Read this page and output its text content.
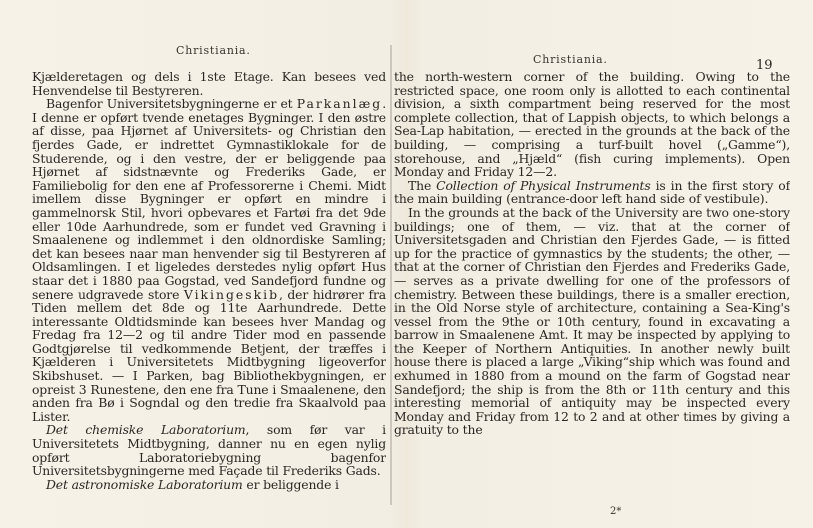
Christiania.
Christiania.	19

Kjælderetagen og dels i 1ste Etage. Kan besees ved Henvendelse til Bestyreren.

Bagenfor Universitetsbygningerne er et Parkanlæg. I denne er opført tvende enetages Bygninger. I den østre af disse, paa Hjørnet af Universitets- og Christian den fjerdes Gade, er indrettet Gymnastiklokale for de Studerende, og i den vestre, der er beliggende paa Hjørnet af sidstnævnte og Frederiks Gade, er Familiebolig for den ene af Professorerne i Chemi. Midt imellem disse Bygninger er opført en mindre i gammelnorsk Stil, hvori opbevares et Fartøi fra det 9de eller 10de Aarhundrede, som er fundet ved Gravning i Smaalenene og indlemmet i den oldnordiske Samling; det kan besees naar man henvender sig til Bestyreren af Oldsamlingen. I et ligeledes derstedes nylig opført Hus staar det i 1880 paa Gogstad, ved Sandefjord fundne og senere udgravede store Vikingeskib, der hidrører fra Tiden mellem det 8de og 11te Aarhundrede. Dette interessante Oldtidsminde kan besees hver Mandag og Fredag fra 12—2 og til andre Tider mod en passende Godtgjørelse til vedkommende Betjent, der træffes i Kjælderen i Universitetets Midtbygning ligeoverfor Skibshuset. — I Parken, bag Bibliothekbygningen, er opreist 3 Runestene, den ene fra Tune i Smaalenene, den anden fra Bø i Sogndal og den tredie fra Skaalvold paa Lister.

Det chemiske Laboratorium, som før var i Universitetets Midtbygning, danner nu en egen nylig opført Laboratoriebygning bagenfor Universitetsbygningerne med Façade til Frederiks Gads.

Det astronomiske Laboratorium er beliggende i

the north-western corner of the building. Owing to the restricted space, one room only is allotted to each continental division, a sixth compartment being reserved for the most complete collection, that of Lappish objects, to which belongs a Sea-Lap habitation, — erected in the grounds at the back of the building, — comprising a turf-built hovel („Gamme“), storehouse, and „Hjæld“ (fish curing implements). Open Monday and Friday 12—2.

The Collection of Physical Instruments is in the first story of the main building (entrance-door left hand side of vestibule).

In the grounds at the back of the University are two one-story buildings; one of them, — viz. that at the corner of Universitetsgaden and Christian den Fjerdes Gade, — is fitted up for the practice of gymnastics by the students; the other, — that at the corner of Christian den Fjerdes and Frederiks Gade, — serves as a private dwelling for one of the professors of chemistry. Between these buildings, there is a smaller erection, in the Old Norse style of architecture, containing a Sea-King's vessel from the 9the or 10th century, found in excavating a barrow in Smaalenene Amt. It may be inspected by applying to the Keeper of Northern Antiquities. In another newly built house there is placed a large „Viking“ship which was found and exhumed in 1880 from a mound on the farm of Gogstad near Sandefjord; the ship is from the 8th or 11th century and this interesting memorial of antiquity may be inspected every Monday and Friday from 12 to 2 and at other times by giving a gratuity to the

2*
